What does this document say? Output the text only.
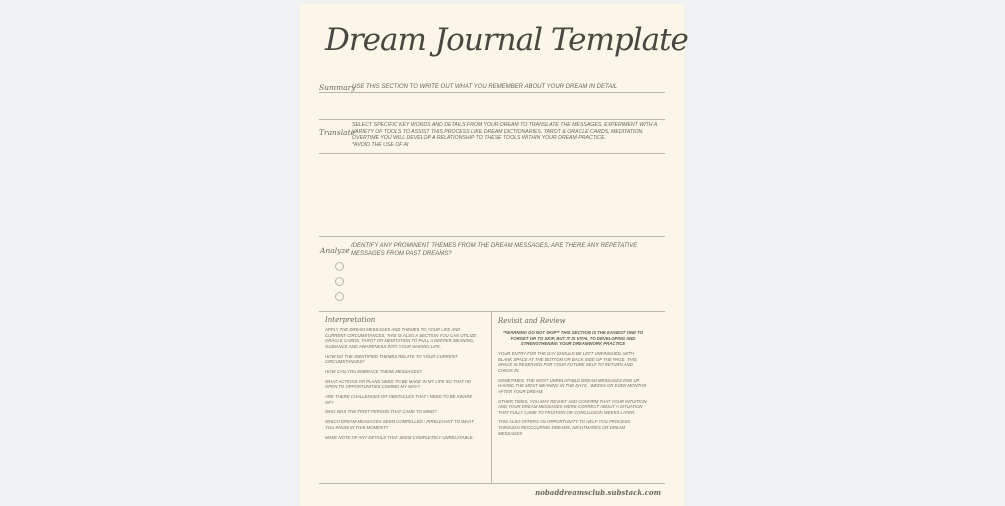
Dream Journal Template
Summary
USE THIS SECTION TO WRITE OUT WHAT YOU REMEMBER ABOUT YOUR DREAM IN DETAIL
Translate
SELECT SPECIFIC KEY WORDS AND DETAILS FROM YOUR DREAM TO TRANSLATE THE MESSAGES, EXPERIMENT WITH A VARIETY OF TOOLS TO ASSIST THIS PROCESS LIKE DREAM DICTIONARIES, TAROT & ORACLE CARDS, MEDITATION. OVERTIME YOU WILL DEVELOP A RELATIONSHIP TO THESE TOOLS WITHIN YOUR DREAM PRACTICE.
*AVOID THE USE OF AI
Analyze IDENTIFY ANY PROMINENT THEMES FROM THE DREAM MESSAGES, ARE THERE ANY REPETATIVE MESSAGES FROM PAST DREAMS?
Interpretation

APPLY THE DREAM MESSAGES AND THEMES TO YOUR LIFE AND CURRENT CIRCUMSTANCES, THIS IS ALSO A SECTION YOU CAN UTILIZE ORACLE CARDS, TAROT OR MEDITATION TO PULL A DEEPER MEANING, GUIDANCE AND AWARENESS INTO YOUR WAKING LIFE.

HOW DO THE IDENTIFIED THEMES RELATE TO YOUR CURRENT CIRCUMSTANCES?

HOW CAN YOU EMBRACE THESE MESSAGES?

WHAT ACTIONS OR PLANS NEED TO BE MADE IN MY LIFE SO THAT I'M OPEN TO OPPORTUNITIES COMING MY WAY?

ARE THERE CHALLENGES OR OBSTACLES THAT I NEED TO BE AWARE OF?

WHO WAS THE FIRST PERSON THAT CAME TO MIND?

WHICH DREAM MESSAGES SEEM COMPELLED / IRRELEVANT TO WHAT YOU KNOW IN THIS MOMENT?

MAKE NOTE OF ANY DETAILS THAT SEEM COMPLETELY UNRELATABLE.

Revisit and Review

**WARNING DO NOT SKIP** THIS SECTION IS THE EASIEST ONE TO FORGET OR TO SKIP, BUT IT IS VITAL TO DEVELOPING AND STRENGTHENING YOUR DREAMWORK PRACTICE

YOUR ENTRY FOR THE DAY SHOULD BE LEFT UNFINISHED, WITH BLANK SPACE AT THE BOTTOM OR BACK SIDE OF THE PAGE. THIS SPACE IS RESERVED FOR YOUR FUTURE SELF TO RETURN AND CHECK IN.

SOMETIMES, THE MOST UNRELATABLE DREAM MESSAGES END UP HAVING THE MOST MEANING IN THE DAYS , WEEKS OR EVEN MONTHS AFTER YOUR DREAM.

OTHER TIMES, YOU MAY REVISIT AND CONFIRM THAT YOUR INTUITION AND YOUR DREAM MESSAGES WERE CORRECT ABOUT A SITUATION THAT FULLY CAME TO FRUITION OR CONCLUSION WEEKS LATER.

THIS ALSO OFFERS AN OPPORTUNITY TO HELP YOU PROCESS THROUGH REOCCURING DREAMS, NIGHTMARES OR DREAM MESSAGES

nobaddreamsclub.substack.com
